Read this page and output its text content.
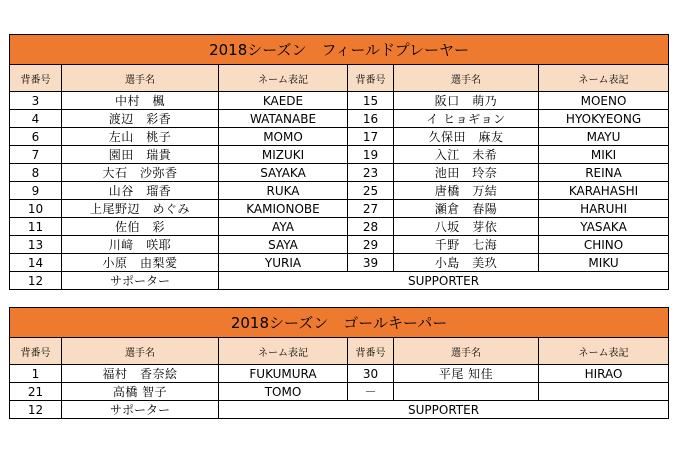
2018シーズン　フィールドプレーヤー					
背番号	選手名	ネーム表記	背番号	選手名	ネーム表記
3	中村　楓	KAEDE	15	阪口　萌乃	MOENO
4	渡辺　彩香	WATANABE	16	イ ヒョギョン	HYOKYEONG
6	左山　桃子	MOMO	17	久保田　麻友	MAYU
7	園田　瑞貴	MIZUKI	19	入江　未希	MIKI
8	大石　沙弥香	SAYAKA	23	池田　玲奈	REINA
9	山谷　瑠香	RUKA	25	唐橋　万結	KARAHASHI
10	上尾野辺　めぐみ	KAMIONOBE	27	瀬倉　春陽	HARUHI
11	佐伯　彩	AYA	28	八坂　芽依	YASAKA
13	川﨑　咲耶	SAYA	29	千野　七海	CHINO
14	小原　由梨愛	YURIA	39	小島　美玖	MIKU
12	サポーター	SUPPORTER			
2018シーズン　ゴールキーパー					
背番号	選手名	ネーム表記	背番号	選手名	ネーム表記
1	福村　香奈絵	FUKUMURA	30	平尾 知佳	HIRAO
21	高橋 智子	TOMO	－		
12	サポーター	SUPPORTER			
